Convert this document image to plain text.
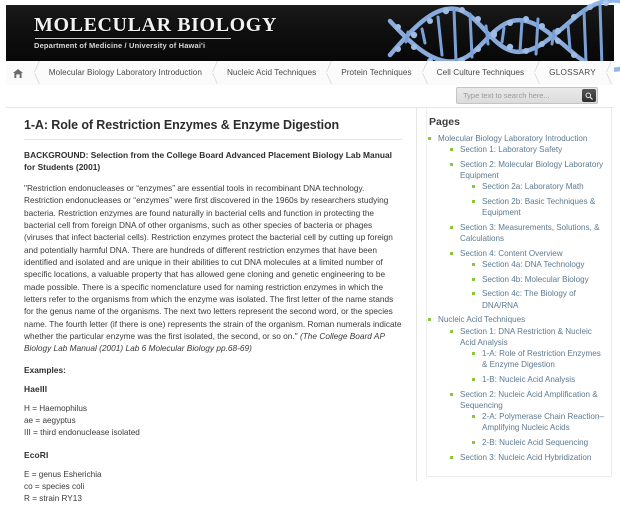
MOLECULAR BIOLOGY
Department of Medicine / University of Hawai'i
Molecular Biology Laboratory Introduction	Nucleic Acid Techniques	Protein Techniques	Cell Culture Techniques	GLOSSARY
Type text to search here...
1-A: Role of Restriction Enzymes & Enzyme Digestion
BACKGROUND: Selection from the College Board Advanced Placement Biology Lab Manual for Students (2001)

"Restriction endonucleases or “enzymes” are essential tools in recombinant DNA technology. Restriction endonucleases or “enzymes” were first discovered in the 1960s by researchers studying bacteria. Restriction enzymes are found naturally in bacterial cells and function in protecting the bacterial cell from foreign DNA of other organisms, such as other species of bacteria or phages (viruses that infect bacterial cells). Restriction enzymes protect the bacterial cell by cutting up foreign and potentially harmful DNA. There are hundreds of different restriction enzymes that have been identified and isolated and are unique in their abilities to cut DNA molecules at a limited number of specific locations, a valuable property that has allowed gene cloning and genetic engineering to be made possible. There is a specific nomenclature used for naming restriction enzymes in which the letters refer to the organisms from which the enzyme was isolated. The first letter of the name stands for the genus name of the organisms. The next two letters represent the second word, or the species name. The fourth letter (if there is one) represents the strain of the organism. Roman numerals indicate whether the particular enzyme was the first isolated, the second, or so on." (The College Board AP Biology Lab Manual (2001) Lab 6 Molecular Biology pp.68-69)

Examples:
HaeIII
H = Haemophilus
ae = aegyptus
III = third endonuclease isolated
EcoRI
E = genus Esherichia
co = species coli
R = strain RY13
Pages
Molecular Biology Laboratory Introduction
Section 1: Laboratory Safety
Section 2: Molecular Biology Laboratory Equipment
Section 2a: Laboratory Math
Section 2b: Basic Techniques & Equipment
Section 3: Measurements, Solutions, & Calculations
Section 4: Content Overview
Section 4a: DNA Technology
Section 4b: Molecular Biology
Section 4c: The Biology of DNA/RNA
Nucleic Acid Techniques
Section 1: DNA Restriction & Nucleic Acid Analysis
1-A: Role of Restriction Enzymes & Enzyme Digestion
1-B: Nucleic Acid Analysis
Section 2: Nucleic Acid Amplification & Sequencing
2-A: Polymerase Chain Reaction–Amplifying Nucleic Acids
2-B: Nucleic Acid Sequencing
Section 3: Nucleic Acid Hybridization
